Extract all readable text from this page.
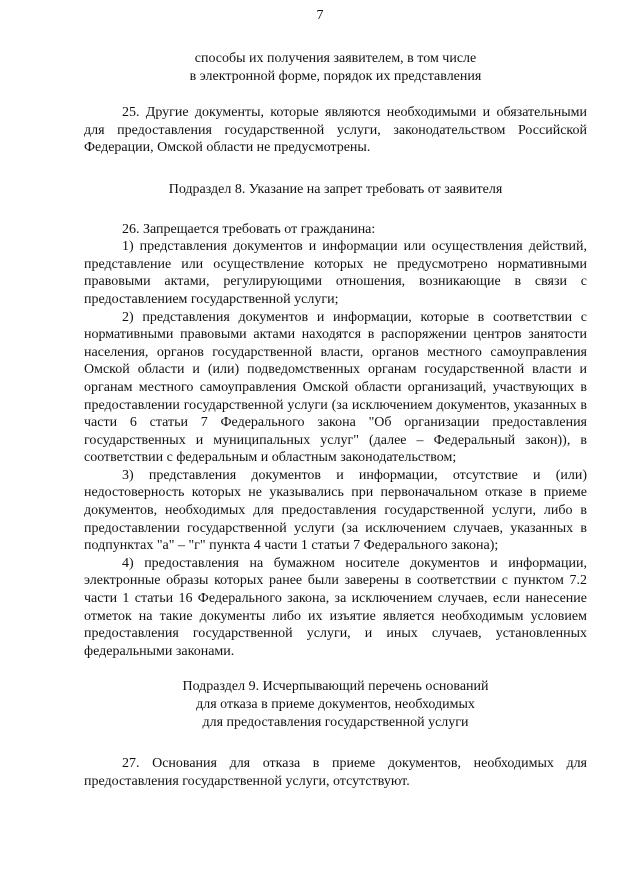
7
способы их получения заявителем, в том числе
в электронной форме, порядок их представления

25. Другие документы, которые являются необходимыми и обязательными для предоставления государственной услуги, законодательством Российской Федерации, Омской области не предусмотрены.

Подраздел 8. Указание на запрет требовать от заявителя

26. Запрещается требовать от гражданина:

1) представления документов и информации или осуществления действий, представление или осуществление которых не предусмотрено нормативными правовыми актами, регулирующими отношения, возникающие в связи с предоставлением государственной услуги;

2) представления документов и информации, которые в соответствии с нормативными правовыми актами находятся в распоряжении центров занятости населения, органов государственной власти, органов местного самоуправления Омской области и (или) подведомственных органам государственной власти и органам местного самоуправления Омской области организаций, участвующих в предоставлении государственной услуги (за исключением документов, указанных в части 6 статьи 7 Федерального закона "Об организации предоставления государственных и муниципальных услуг" (далее – Федеральный закон)), в соответствии с федеральным и областным законодательством;

3) представления документов и информации, отсутствие и (или) недостоверность которых не указывались при первоначальном отказе в приеме документов, необходимых для предоставления государственной услуги, либо в предоставлении государственной услуги (за исключением случаев, указанных в подпунктах "а" – "г" пункта 4 части 1 статьи 7 Федерального закона);

4) предоставления на бумажном носителе документов и информации, электронные образы которых ранее были заверены в соответствии с пунктом 7.2 части 1 статьи 16 Федерального закона, за исключением случаев, если нанесение отметок на такие документы либо их изъятие является необходимым условием предоставления государственной услуги, и иных случаев, установленных федеральными законами.

Подраздел 9. Исчерпывающий перечень оснований
для отказа в приеме документов, необходимых
для предоставления государственной услуги

27. Основания для отказа в приеме документов, необходимых для предоставления государственной услуги, отсутствуют.
